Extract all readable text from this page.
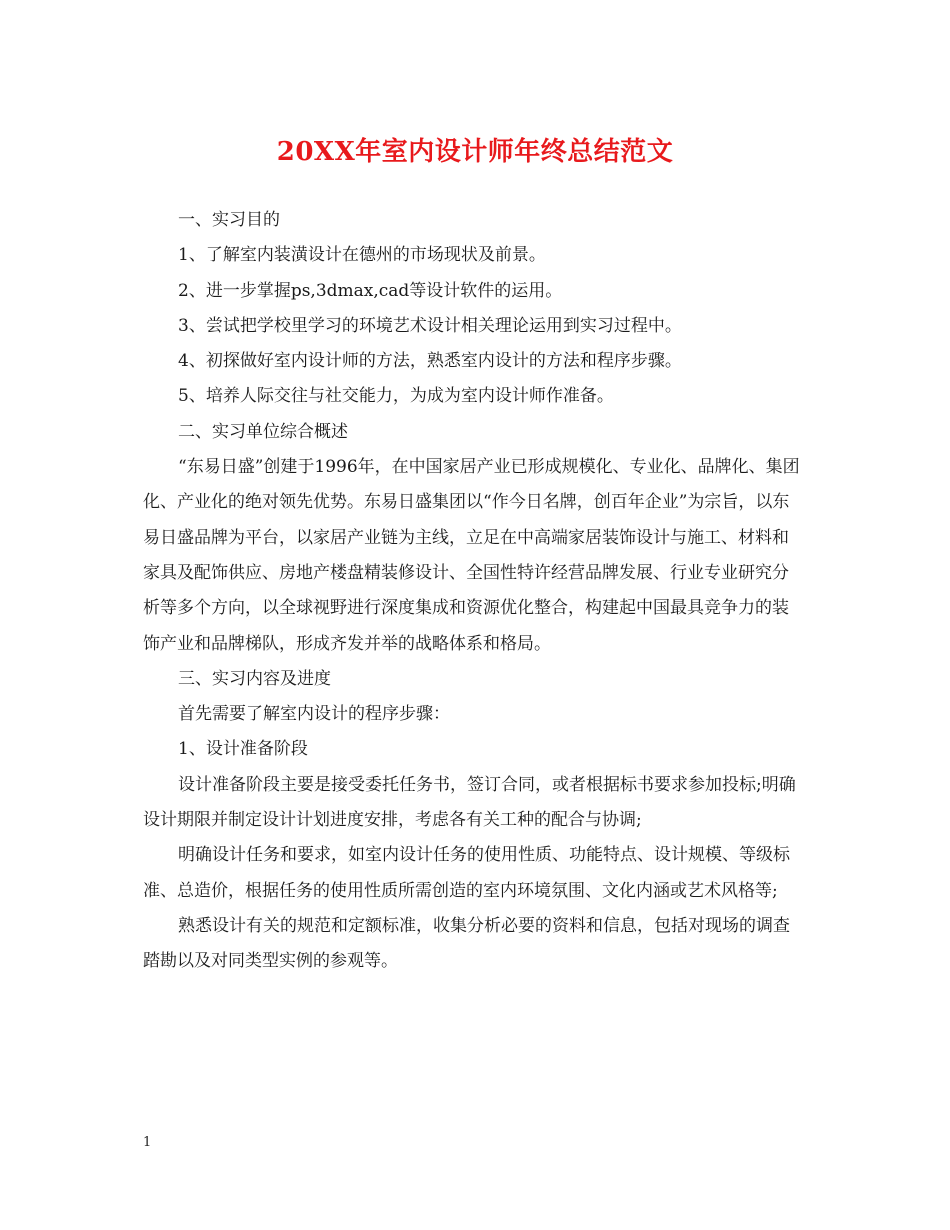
20XX年室内设计师年终总结范文

一、实习目的

1、了解室内装潢设计在德州的市场现状及前景。

2、进一步掌握ps,3dmax,cad等设计软件的运用。

3、尝试把学校里学习的环境艺术设计相关理论运用到实习过程中。

4、初探做好室内设计师的方法，熟悉室内设计的方法和程序步骤。

5、培养人际交往与社交能力，为成为室内设计师作准备。

二、实习单位综合概述

“东易日盛”创建于1996年，在中国家居产业已形成规模化、专业化、品牌化、集团化、产业化的绝对领先优势。东易日盛集团以“作今日名牌，创百年企业”为宗旨，以东易日盛品牌为平台，以家居产业链为主线，立足在中高端家居装饰设计与施工、材料和家具及配饰供应、房地产楼盘精装修设计、全国性特许经营品牌发展、行业专业研究分析等多个方向，以全球视野进行深度集成和资源优化整合，构建起中国最具竞争力的装饰产业和品牌梯队，形成齐发并举的战略体系和格局。

三、实习内容及进度

首先需要了解室内设计的程序步骤：

1、设计准备阶段

设计准备阶段主要是接受委托任务书，签订合同，或者根据标书要求参加投标;明确设计期限并制定设计计划进度安排，考虑各有关工种的配合与协调;

明确设计任务和要求，如室内设计任务的使用性质、功能特点、设计规模、等级标准、总造价，根据任务的使用性质所需创造的室内环境氛围、文化内涵或艺术风格等;

熟悉设计有关的规范和定额标准，收集分析必要的资料和信息，包括对现场的调查踏勘以及对同类型实例的参观等。

1
